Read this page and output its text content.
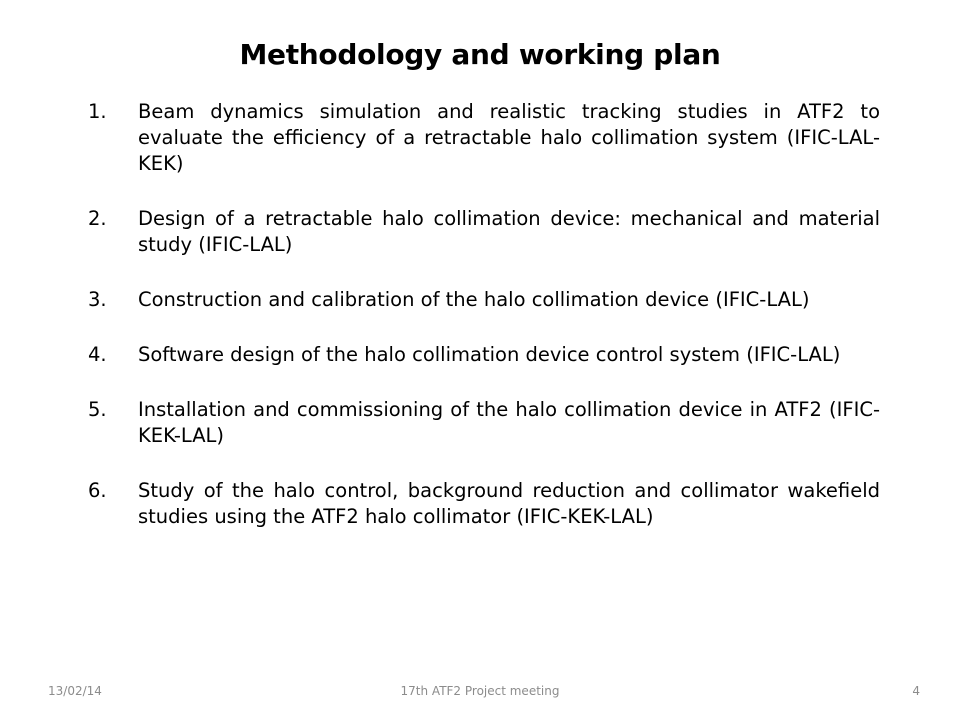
Methodology and working plan
1.	Beam dynamics simulation and realistic tracking studies in ATF2 to evaluate the efficiency of a retractable halo collimation system (IFIC-LAL-KEK)
2.	Design of a retractable halo collimation device: mechanical and material study (IFIC-LAL)
3.	Construction and calibration of the halo collimation device (IFIC-LAL)
4.	Software design of the halo collimation device control system (IFIC-LAL)
5.	Installation and commissioning of the halo collimation device in ATF2 (IFIC-KEK-LAL)
6.	Study of the halo control, background reduction and collimator wakefield studies using the ATF2 halo collimator (IFIC-KEK-LAL)
13/02/14	17th ATF2 Project meeting	4
